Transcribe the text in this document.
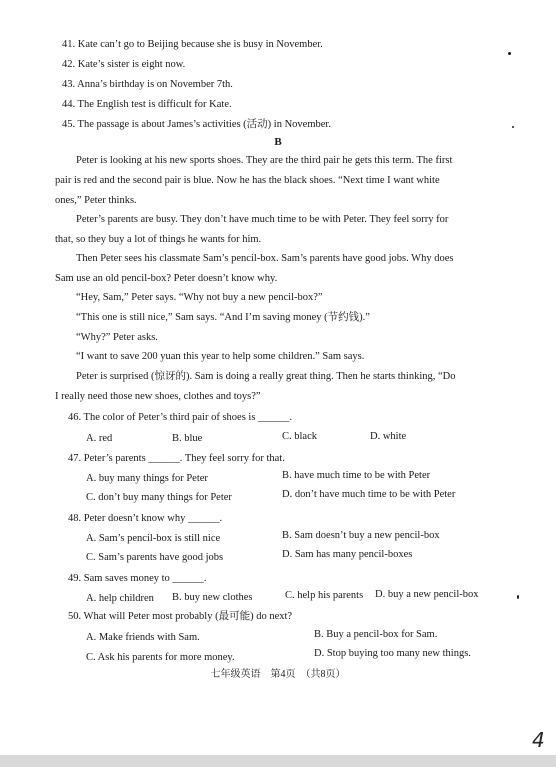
41. Kate can’t go to Beijing because she is busy in November.
42. Kate’s sister is eight now.
43. Anna’s birthday is on November 7th.
44. The English test is difficult for Kate.
45. The passage is about James’s activities (活动) in November.
B
Peter is looking at his new sports shoes. They are the third pair he gets this term. The first
pair is red and the second pair is blue. Now he has the black shoes. “Next time I want white
ones,” Peter thinks.
Peter’s parents are busy. They don’t have much time to be with Peter. They feel sorry for
that, so they buy a lot of things he wants for him.
Then Peter sees his classmate Sam’s pencil-box. Sam’s parents have good jobs. Why does
Sam use an old pencil-box? Peter doesn’t know why.
“Hey, Sam,” Peter says. “Why not buy a new pencil-box?”
“This one is still nice,” Sam says. “And I’m saving money (节约钱).”
“Why?” Peter asks.
“I want to save 200 yuan this year to help some children.” Sam says.
Peter is surprised (惊讶的). Sam is doing a really great thing. Then he starts thinking, “Do
I really need those new shoes, clothes and toys?”
46. The color of Peter’s third pair of shoes is ______.
A. red	B. blue	C. black	D. white
47. Peter’s parents ______. They feel sorry for that.
A. buy many things for Peter	B. have much time to be with Peter
C. don’t buy many things for Peter	D. don’t have much time to be with Peter
48. Peter doesn’t know why ______.
A. Sam’s pencil-box is still nice	B. Sam doesn’t buy a new pencil-box
C. Sam’s parents have good jobs	D. Sam has many pencil-boxes
49. Sam saves money to ______.
A. help children B. buy new clothes	C. help his parents D. buy a new pencil-box
50. What will Peter most probably (最可能) do next?
A. Make friends with Sam.	B. Buy a pencil-box for Sam.
C. Ask his parents for more money.	D. Stop buying too many new things.
七年级英语　第4页　（共8页）
4
